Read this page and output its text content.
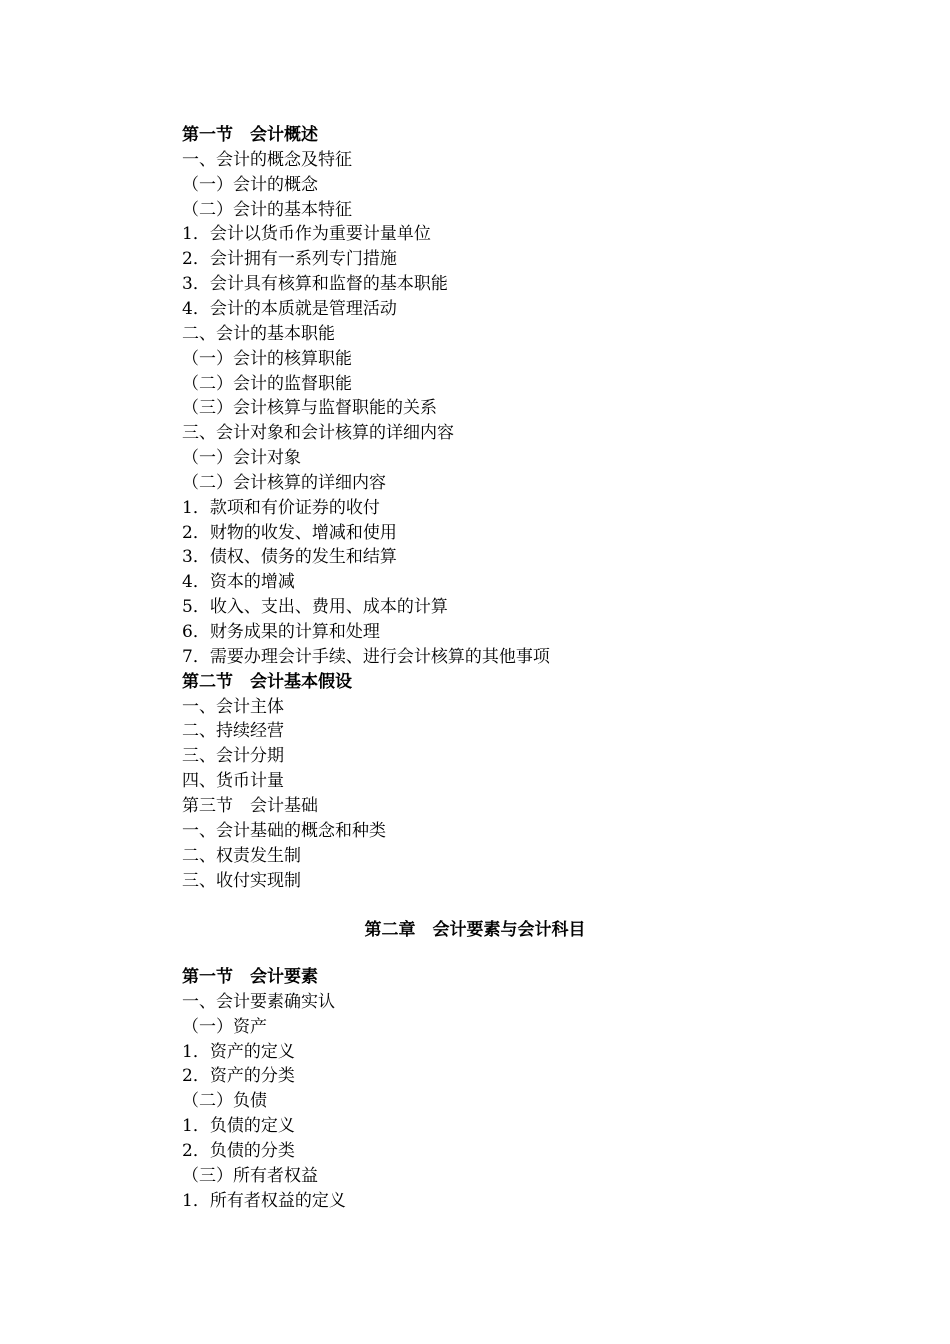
第一节　会计概述
一、会计的概念及特征
（一）会计的概念
（二）会计的基本特征
1．会计以货币作为重要计量单位
2．会计拥有一系列专门措施
3．会计具有核算和监督的基本职能
4．会计的本质就是管理活动
二、会计的基本职能
（一）会计的核算职能
（二）会计的监督职能
（三）会计核算与监督职能的关系
三、会计对象和会计核算的详细内容
（一）会计对象
（二）会计核算的详细内容
1．款项和有价证券的收付
2．财物的收发、增减和使用
3．债权、债务的发生和结算
4．资本的增减
5．收入、支出、费用、成本的计算
6．财务成果的计算和处理
7．需要办理会计手续、进行会计核算的其他事项
第二节　会计基本假设
一、会计主体
二、持续经营
三、会计分期
四、货币计量
第三节　会计基础
一、会计基础的概念和种类
二、权责发生制
三、收付实现制
第二章　会计要素与会计科目
第一节　会计要素
一、会计要素确实认
（一）资产
1．资产的定义
2．资产的分类
（二）负债
1．负债的定义
2．负债的分类
（三）所有者权益
1．所有者权益的定义
